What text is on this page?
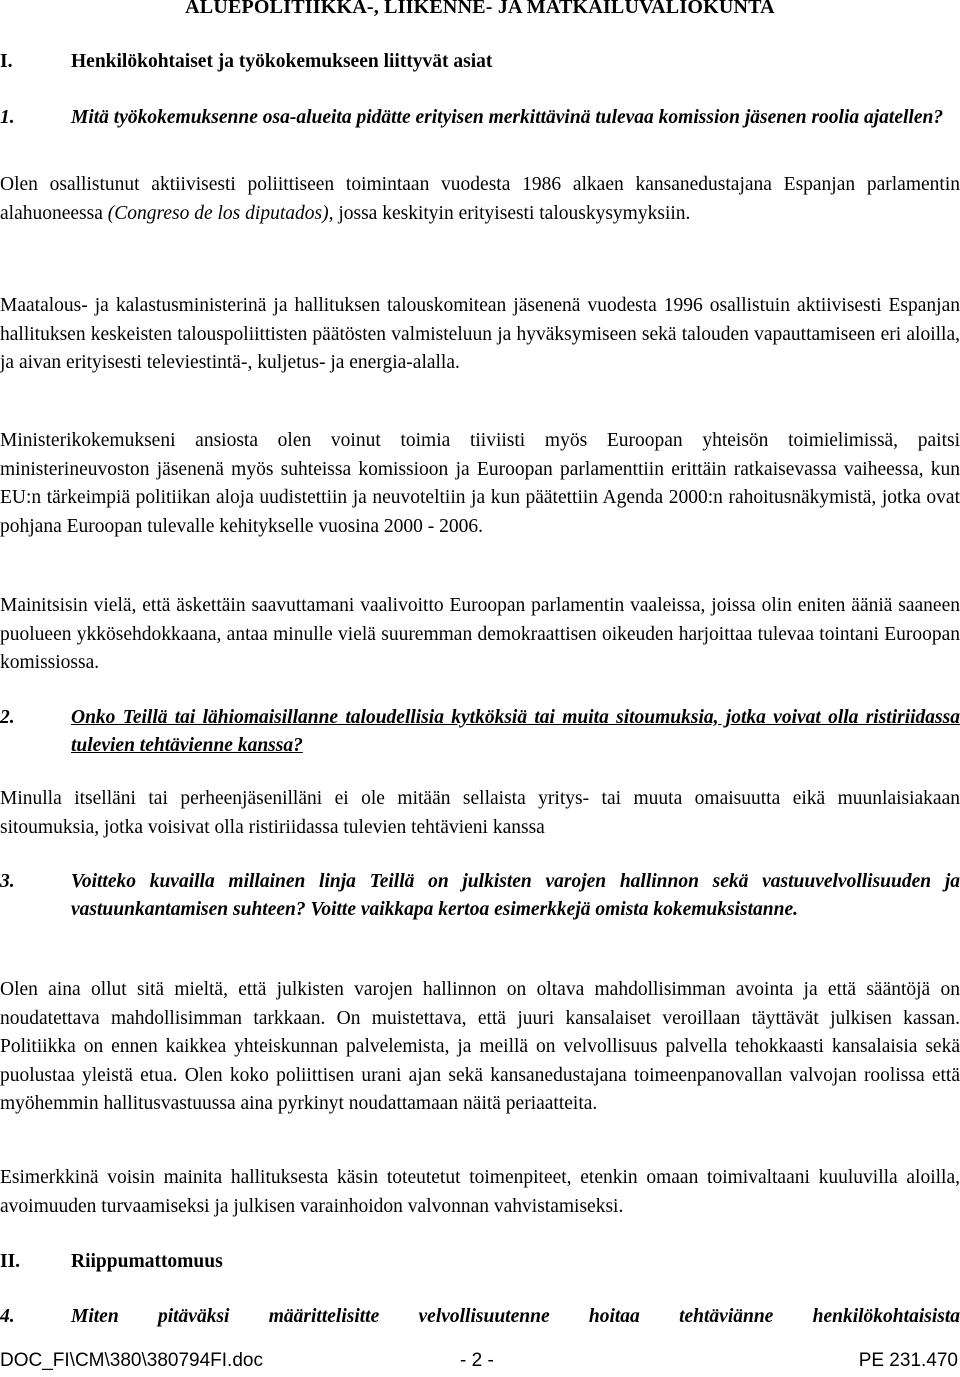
ALUEPOLITIIKKA-, LIIKENNE- JA MATKAILUVALIOKUNTA
I.	Henkilökohtaiset ja työkokemukseen liittyvät asiat
1.	Mitä työkokemuksenne osa-alueita pidätte erityisen merkittävinä tulevaa komission jäsenen roolia ajatellen?

Olen osallistunut aktiivisesti poliittiseen toimintaan vuodesta 1986 alkaen kansanedustajana Espanjan parlamentin alahuoneessa (Congreso de los diputados), jossa keskityin erityisesti talouskysymyksiin.

Maatalous- ja kalastusministerinä ja hallituksen talouskomitean jäsenenä vuodesta 1996 osallistuin aktiivisesti Espanjan hallituksen keskeisten talouspoliittisten päätösten valmisteluun ja hyväksymiseen sekä talouden vapauttamiseen eri aloilla, ja aivan erityisesti televiestintä-, kuljetus- ja energia-alalla.

Ministerikokemukseni ansiosta olen voinut toimia tiiviisti myös Euroopan yhteisön toimielimissä, paitsi ministerineuvoston jäsenenä myös suhteissa komissioon ja Euroopan parlamenttiin erittäin ratkaisevassa vaiheessa, kun EU:n tärkeimpiä politiikan aloja uudistettiin ja neuvoteltiin ja kun päätettiin Agenda 2000:n rahoitusnäkymistä, jotka ovat pohjana Euroopan tulevalle kehitykselle vuosina 2000 - 2006.

Mainitsisin vielä, että äskettäin saavuttamani vaalivoitto Euroopan parlamentin vaaleissa, joissa olin eniten ääniä saaneen puolueen ykkösehdokkaana, antaa minulle vielä suuremman demokraattisen oikeuden harjoittaa tulevaa tointani Euroopan komissiossa.

2.	Onko Teillä tai lähiomaisillanne taloudellisia kytköksiä tai muita sitoumuksia, jotka voivat olla ristiriidassa tulevien tehtävienne kanssa?

Minulla itselläni tai perheenjäsenilläni ei ole mitään sellaista yritys- tai muuta omaisuutta eikä muunlaisiakaan sitoumuksia, jotka voisivat olla ristiriidassa tulevien tehtävieni kanssa

3.	Voitteko kuvailla millainen linja Teillä on julkisten varojen hallinnon sekä vastuuvelvollisuuden ja vastuunkantamisen suhteen? Voitte vaikkapa kertoa esimerkkejä omista kokemuksistanne.

Olen aina ollut sitä mieltä, että julkisten varojen hallinnon on oltava mahdollisimman avointa ja että sääntöjä on noudatettava mahdollisimman tarkkaan. On muistettava, että juuri kansalaiset veroillaan täyttävät julkisen kassan. Politiikka on ennen kaikkea yhteiskunnan palvelemista, ja meillä on velvollisuus palvella tehokkaasti kansalaisia sekä puolustaa yleistä etua. Olen koko poliittisen urani ajan sekä kansanedustajana toimeenpanovallan valvojan roolissa että myöhemmin hallitusvastuussa aina pyrkinyt noudattamaan näitä periaatteita.

Esimerkkinä voisin mainita hallituksesta käsin toteutetut toimenpiteet, etenkin omaan toimivaltaani kuuluvilla aloilla, avoimuuden turvaamiseksi ja julkisen varainhoidon valvonnan vahvistamiseksi.

II.	Riippumattomuus
4.	Miten pitäväksi määrittelisitte velvollisuutenne hoitaa tehtäviänne henkilökohtaisista
DOC_FI\CM\380\380794FI.doc	- 2 -	PE 231.470
